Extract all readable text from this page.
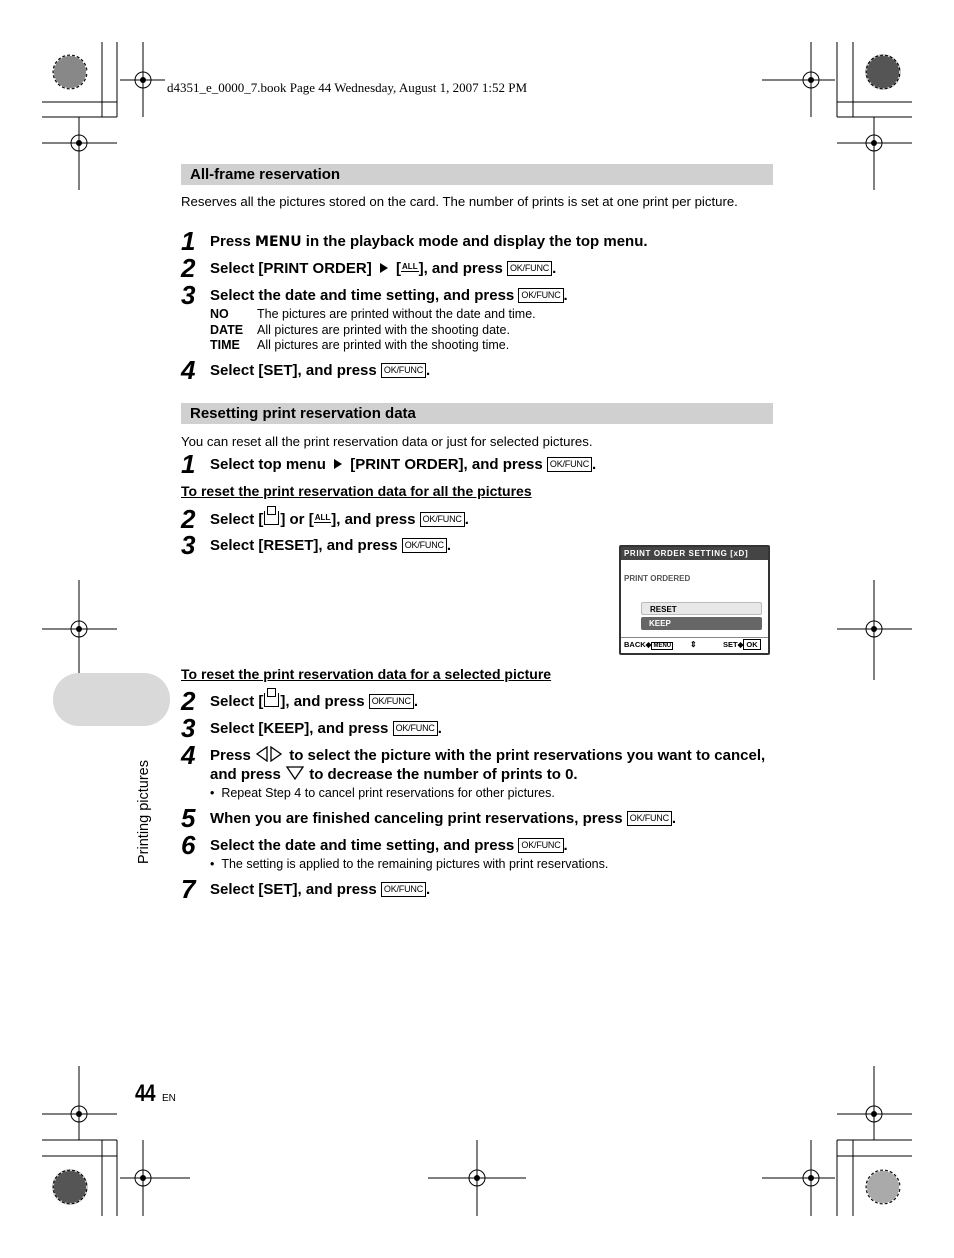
d4351_e_0000_7.book Page 44 Wednesday, August 1, 2007 1:52 PM
All-frame reservation
Reserves all the pictures stored on the card. The number of prints is set at one print per picture.
1 Press MENU in the playback mode and display the top menu.
2 Select [PRINT ORDER]  [ALL], and press OK/FUNC .
3 Select the date and time setting, and press OK/FUNC .
NO The pictures are printed without the date and time.
DATE All pictures are printed with the shooting date.
TIME All pictures are printed with the shooting time.
4 Select [SET], and press OK/FUNC .
Resetting print reservation data
You can reset all the print reservation data or just for selected pictures.
1 Select top menu  [PRINT ORDER], and press OK/FUNC .
To reset the print reservation data for all the pictures
2 Select [ ] or [ALL], and press OK/FUNC .
3 Select [RESET], and press OK/FUNC .	PRINT ORDER SETTING [xD]
PRINT ORDERED
RESET
KEEP
BACK◆ MENU ⇕	SET◆ OK
To reset the print reservation data for a selected picture
2 Select [ ], and press OK/FUNC .
3 Select [KEEP], and press OK/FUNC .
4 Press  to select the picture with the print reservations you want to cancel, and press  to decrease the number of prints to 0.
•  Repeat Step 4 to cancel print reservations for other pictures.
5 When you are finished canceling print reservations, press OK/FUNC .
6 Select the date and time setting, and press OK/FUNC .
•  The setting is applied to the remaining pictures with print reservations.
7 Select [SET], and press OK/FUNC .
Printing pictures
44 EN
